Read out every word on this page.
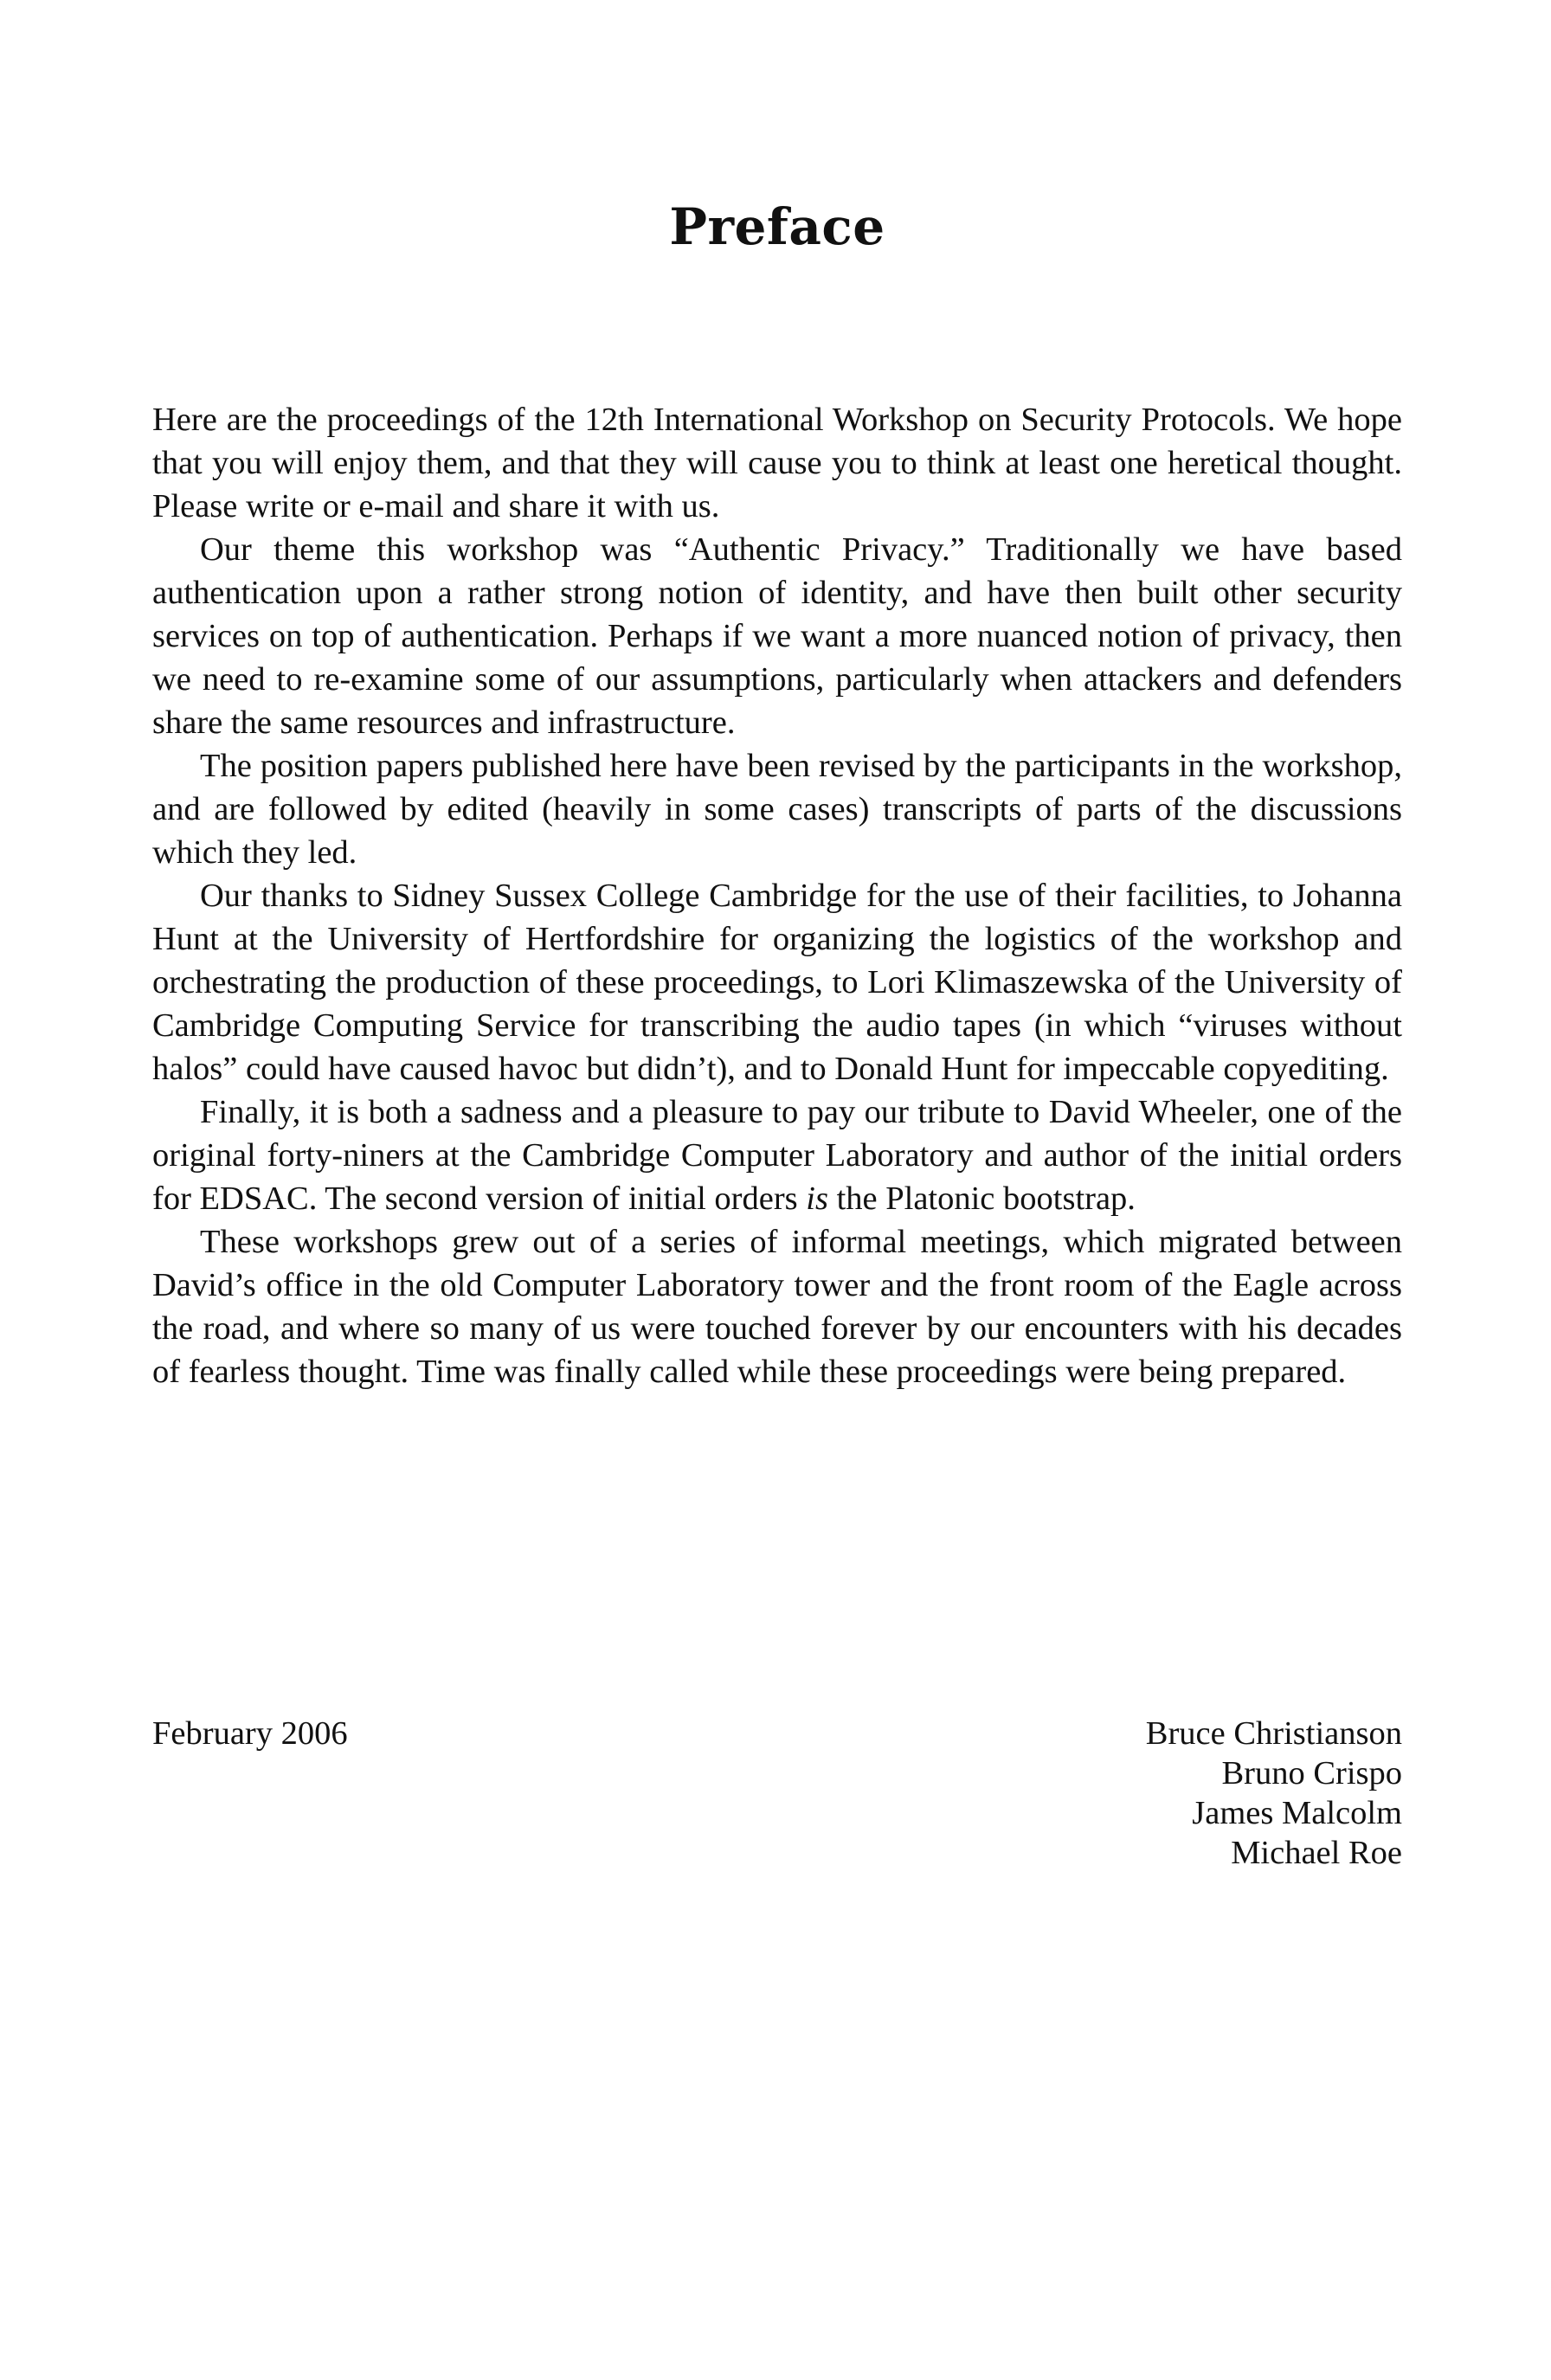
Preface

Here are the proceedings of the 12th International Workshop on Security Protocols. We hope that you will enjoy them, and that they will cause you to think at least one heretical thought. Please write or e-mail and share it with us.

Our theme this workshop was “Authentic Privacy.” Traditionally we have based authentication upon a rather strong notion of identity, and have then built other security services on top of authentication. Perhaps if we want a more nuanced notion of privacy, then we need to re-examine some of our assumptions, particularly when attackers and defenders share the same resources and infrastructure.

The position papers published here have been revised by the participants in the workshop, and are followed by edited (heavily in some cases) transcripts of parts of the discussions which they led.

Our thanks to Sidney Sussex College Cambridge for the use of their facilities, to Johanna Hunt at the University of Hertfordshire for organizing the logistics of the workshop and orchestrating the production of these proceedings, to Lori Klimaszewska of the University of Cambridge Computing Service for transcribing the audio tapes (in which “viruses without halos” could have caused havoc but didn’t), and to Donald Hunt for impeccable copyediting.

Finally, it is both a sadness and a pleasure to pay our tribute to David Wheeler, one of the original forty-niners at the Cambridge Computer Laboratory and author of the initial orders for EDSAC. The second version of initial orders is the Platonic bootstrap.

These workshops grew out of a series of informal meetings, which migrated between David’s office in the old Computer Laboratory tower and the front room of the Eagle across the road, and where so many of us were touched forever by our encounters with his decades of fearless thought. Time was finally called while these proceedings were being prepared.

February 2006	Bruce Christianson
Bruno Crispo
James Malcolm
Michael Roe
